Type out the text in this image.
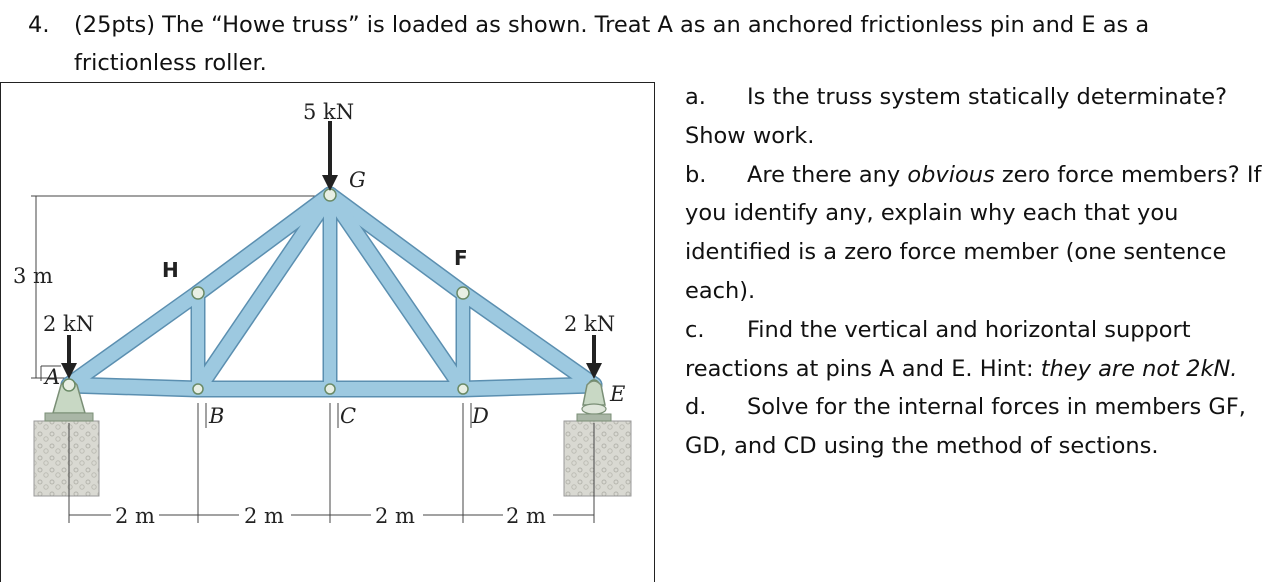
4. (25pts) The “Howe truss” is loaded as shown. Treat A as an anchored frictionless pin and E as a frictionless roller.
5 kN
2 kN	2 kN
3 m
2 m	2 m	2 m	2 m
G
A
B	C	D
E
H	F
a. Is the truss system statically determinate? Show work.
b. Are there any obvious zero force members? If you identify any, explain why each that you identified is a zero force member (one sentence each).
c. Find the vertical and horizontal support reactions at pins A and E. Hint: they are not 2kN.
d. Solve for the internal forces in members GF, GD, and CD using the method of sections.
